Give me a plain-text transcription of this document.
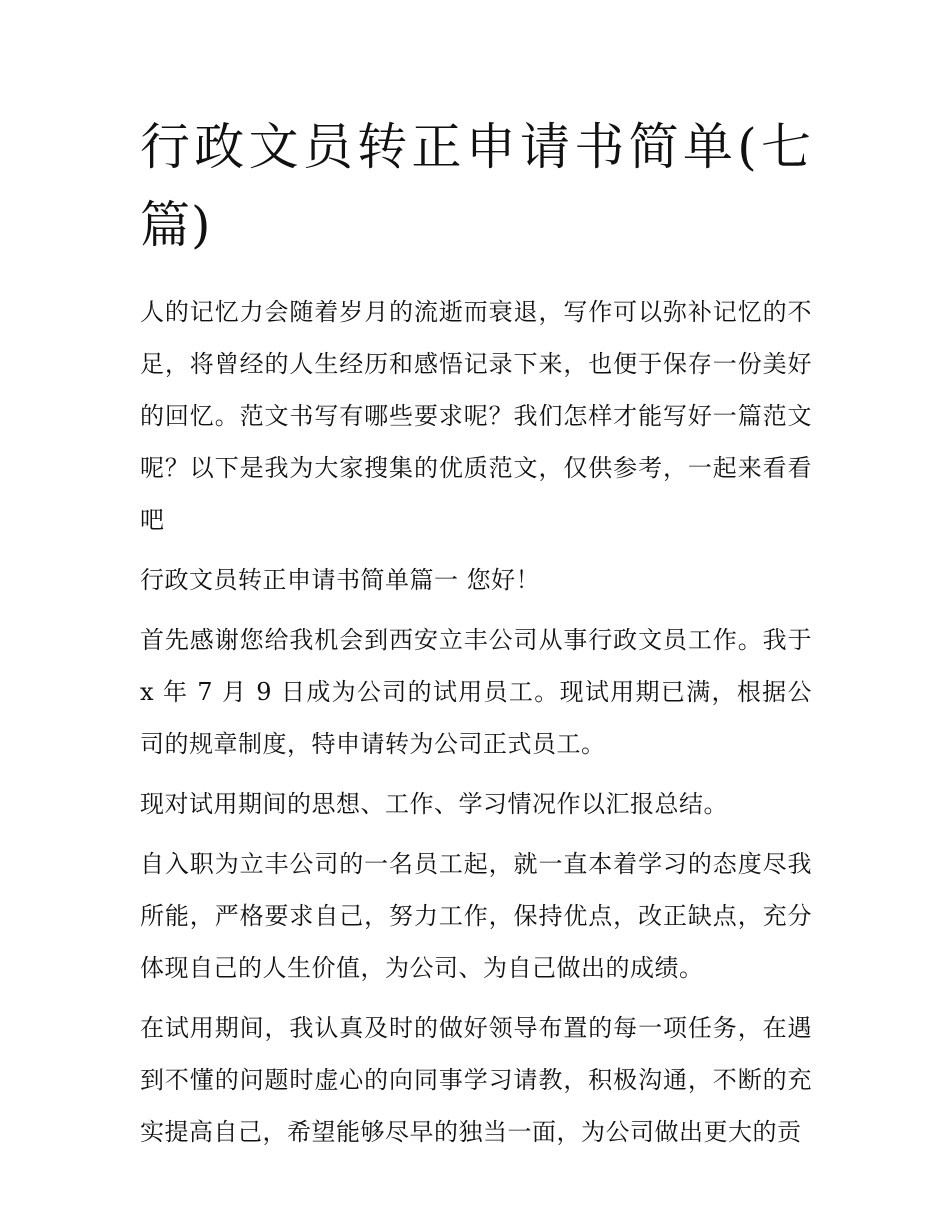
行政文员转正申请书简单(七篇)

人的记忆力会随着岁月的流逝而衰退，写作可以弥补记忆的不足，将曾经的人生经历和感悟记录下来，也便于保存一份美好的回忆。范文书写有哪些要求呢？我们怎样才能写好一篇范文呢？以下是我为大家搜集的优质范文，仅供参考，一起来看看吧

行政文员转正申请书简单篇一 您好！

首先感谢您给我机会到西安立丰公司从事行政文员工作。我于 x 年 7 月 9 日成为公司的试用员工。现试用期已满，根据公司的规章制度，特申请转为公司正式员工。

现对试用期间的思想、工作、学习情况作以汇报总结。

自入职为立丰公司的一名员工起，就一直本着学习的态度尽我所能，严格要求自己，努力工作，保持优点，改正缺点，充分体现自己的人生价值，为公司、为自己做出的成绩。

在试用期间，我认真及时的做好领导布置的每一项任务，在遇到不懂的问题时虚心的向同事学习请教，积极沟通，不断的充实提高自己，希望能够尽早的独当一面，为公司做出更大的贡
